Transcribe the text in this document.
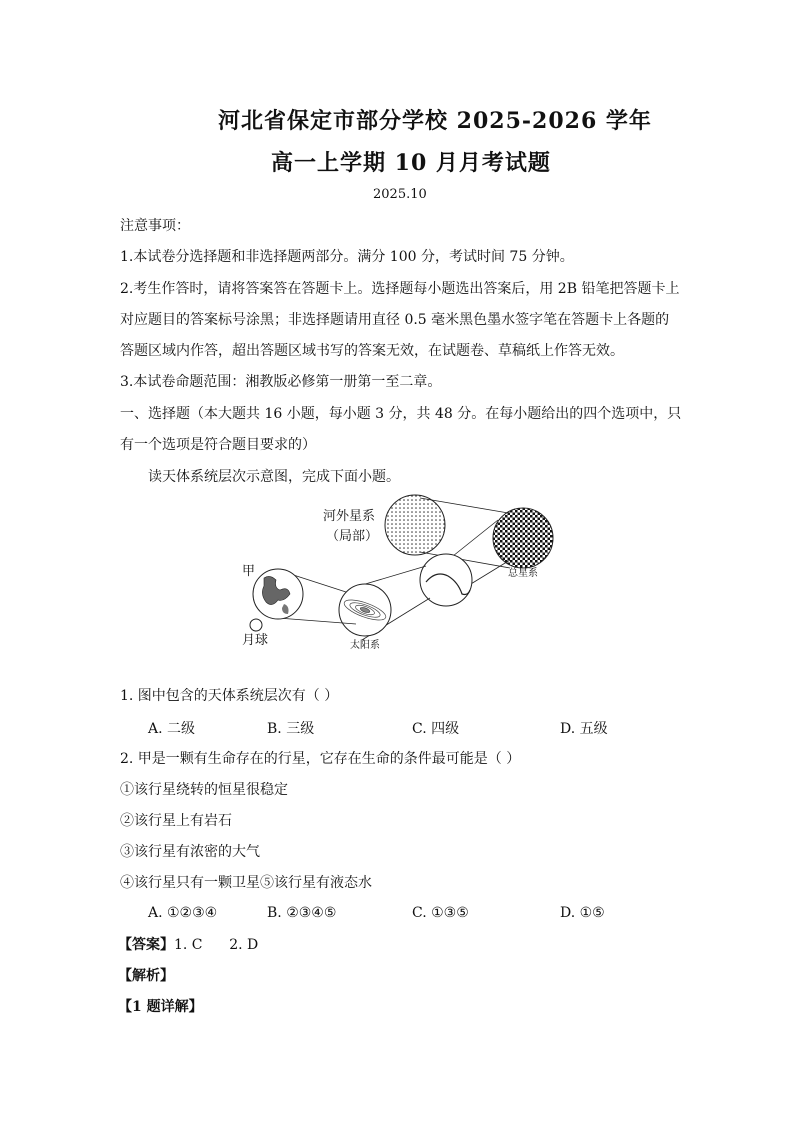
河北省保定市部分学校 2025-2026 学年
高一上学期 10 月月考试题
2025.10
注意事项：
1.本试卷分选择题和非选择题两部分。满分 100 分，考试时间 75 分钟。
2.考生作答时，请将答案答在答题卡上。选择题每小题选出答案后，用 2B 铅笔把答题卡上
对应题目的答案标号涂黑；非选择题请用直径 0.5 毫米黑色墨水签字笔在答题卡上各题的
答题区域内作答，超出答题区域书写的答案无效，在试题卷、草稿纸上作答无效。
3.本试卷命题范围：湘教版必修第一册第一至二章。
一、选择题（本大题共 16 小题，每小题 3 分，共 48 分。在每小题给出的四个选项中，只
有一个选项是符合题目要求的）
读天体系统层次示意图，完成下面小题。
河外星系
（局部）
总星系
甲
月球	太阳系
1. 图中包含的天体系统层次有（ ）
A. 二级	B. 三级	C. 四级	D. 五级
2. 甲是一颗有生命存在的行星，它存在生命的条件最可能是（ ）
①该行星绕转的恒星很稳定
②该行星上有岩石
③该行星有浓密的大气
④该行星只有一颗卫星⑤该行星有液态水
A. ①②③④	B. ②③④⑤	C. ①③⑤	D. ①⑤
【答案】1. C      2. D
【解析】
【1 题详解】
